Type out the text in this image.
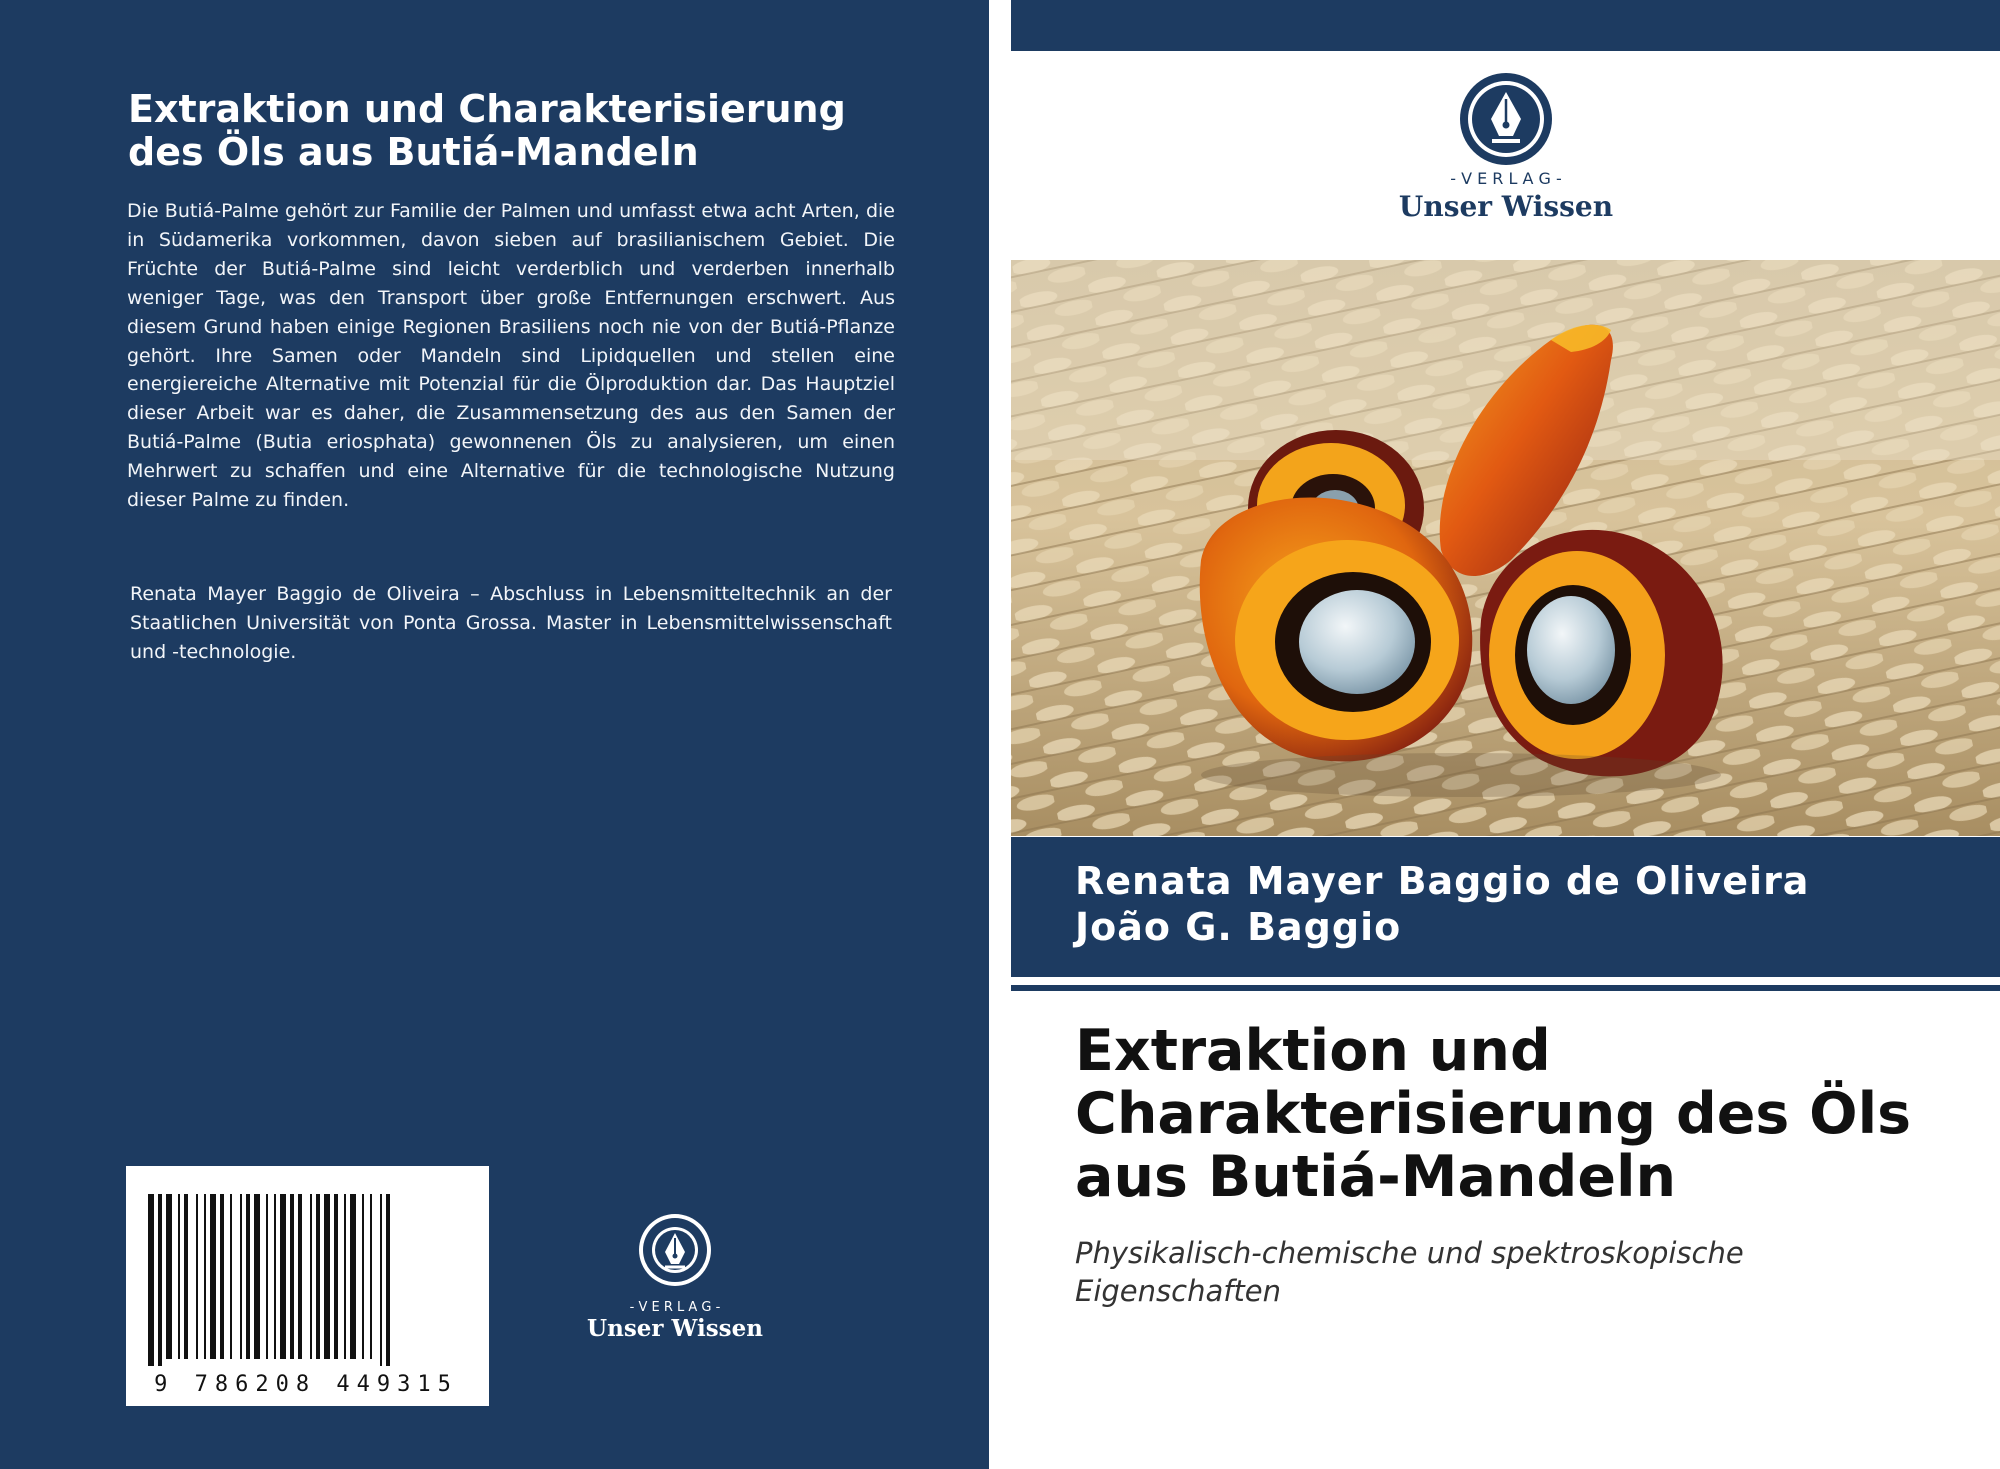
Extraktion und Charakterisierung des Öls aus Butiá-Mandeln

Die Butiá-Palme gehört zur Familie der Palmen und umfasst etwa acht Arten, die in Südamerika vorkommen, davon sieben auf brasilianischem Gebiet. Die Früchte der Butiá-Palme sind leicht verderblich und verderben innerhalb weniger Tage, was den Transport über große Entfernungen erschwert. Aus diesem Grund haben einige Regionen Brasiliens noch nie von der Butiá-Pflanze gehört. Ihre Samen oder Mandeln sind Lipidquellen und stellen eine energiereiche Alternative mit Potenzial für die Ölproduktion dar. Das Hauptziel dieser Arbeit war es daher, die Zusammensetzung des aus den Samen der Butiá-Palme (Butia eriosphata) gewonnenen Öls zu analysieren, um einen Mehrwert zu schaffen und eine Alternative für die technologische Nutzung dieser Palme zu finden.

Renata Mayer Baggio de Oliveira – Abschluss in Lebensmitteltechnik an der Staatlichen Universität von Ponta Grossa. Master in Lebensmittelwissenschaft und -technologie.

9 786208 449315
- V E R L A G -
Unser Wissen
- V E R L A G -
Unser Wissen
Renata Mayer Baggio de Oliveira
João G. Baggio
Extraktion und Charakterisierung des Öls aus Butiá-Mandeln

Physikalisch-chemische und spektroskopische Eigenschaften
